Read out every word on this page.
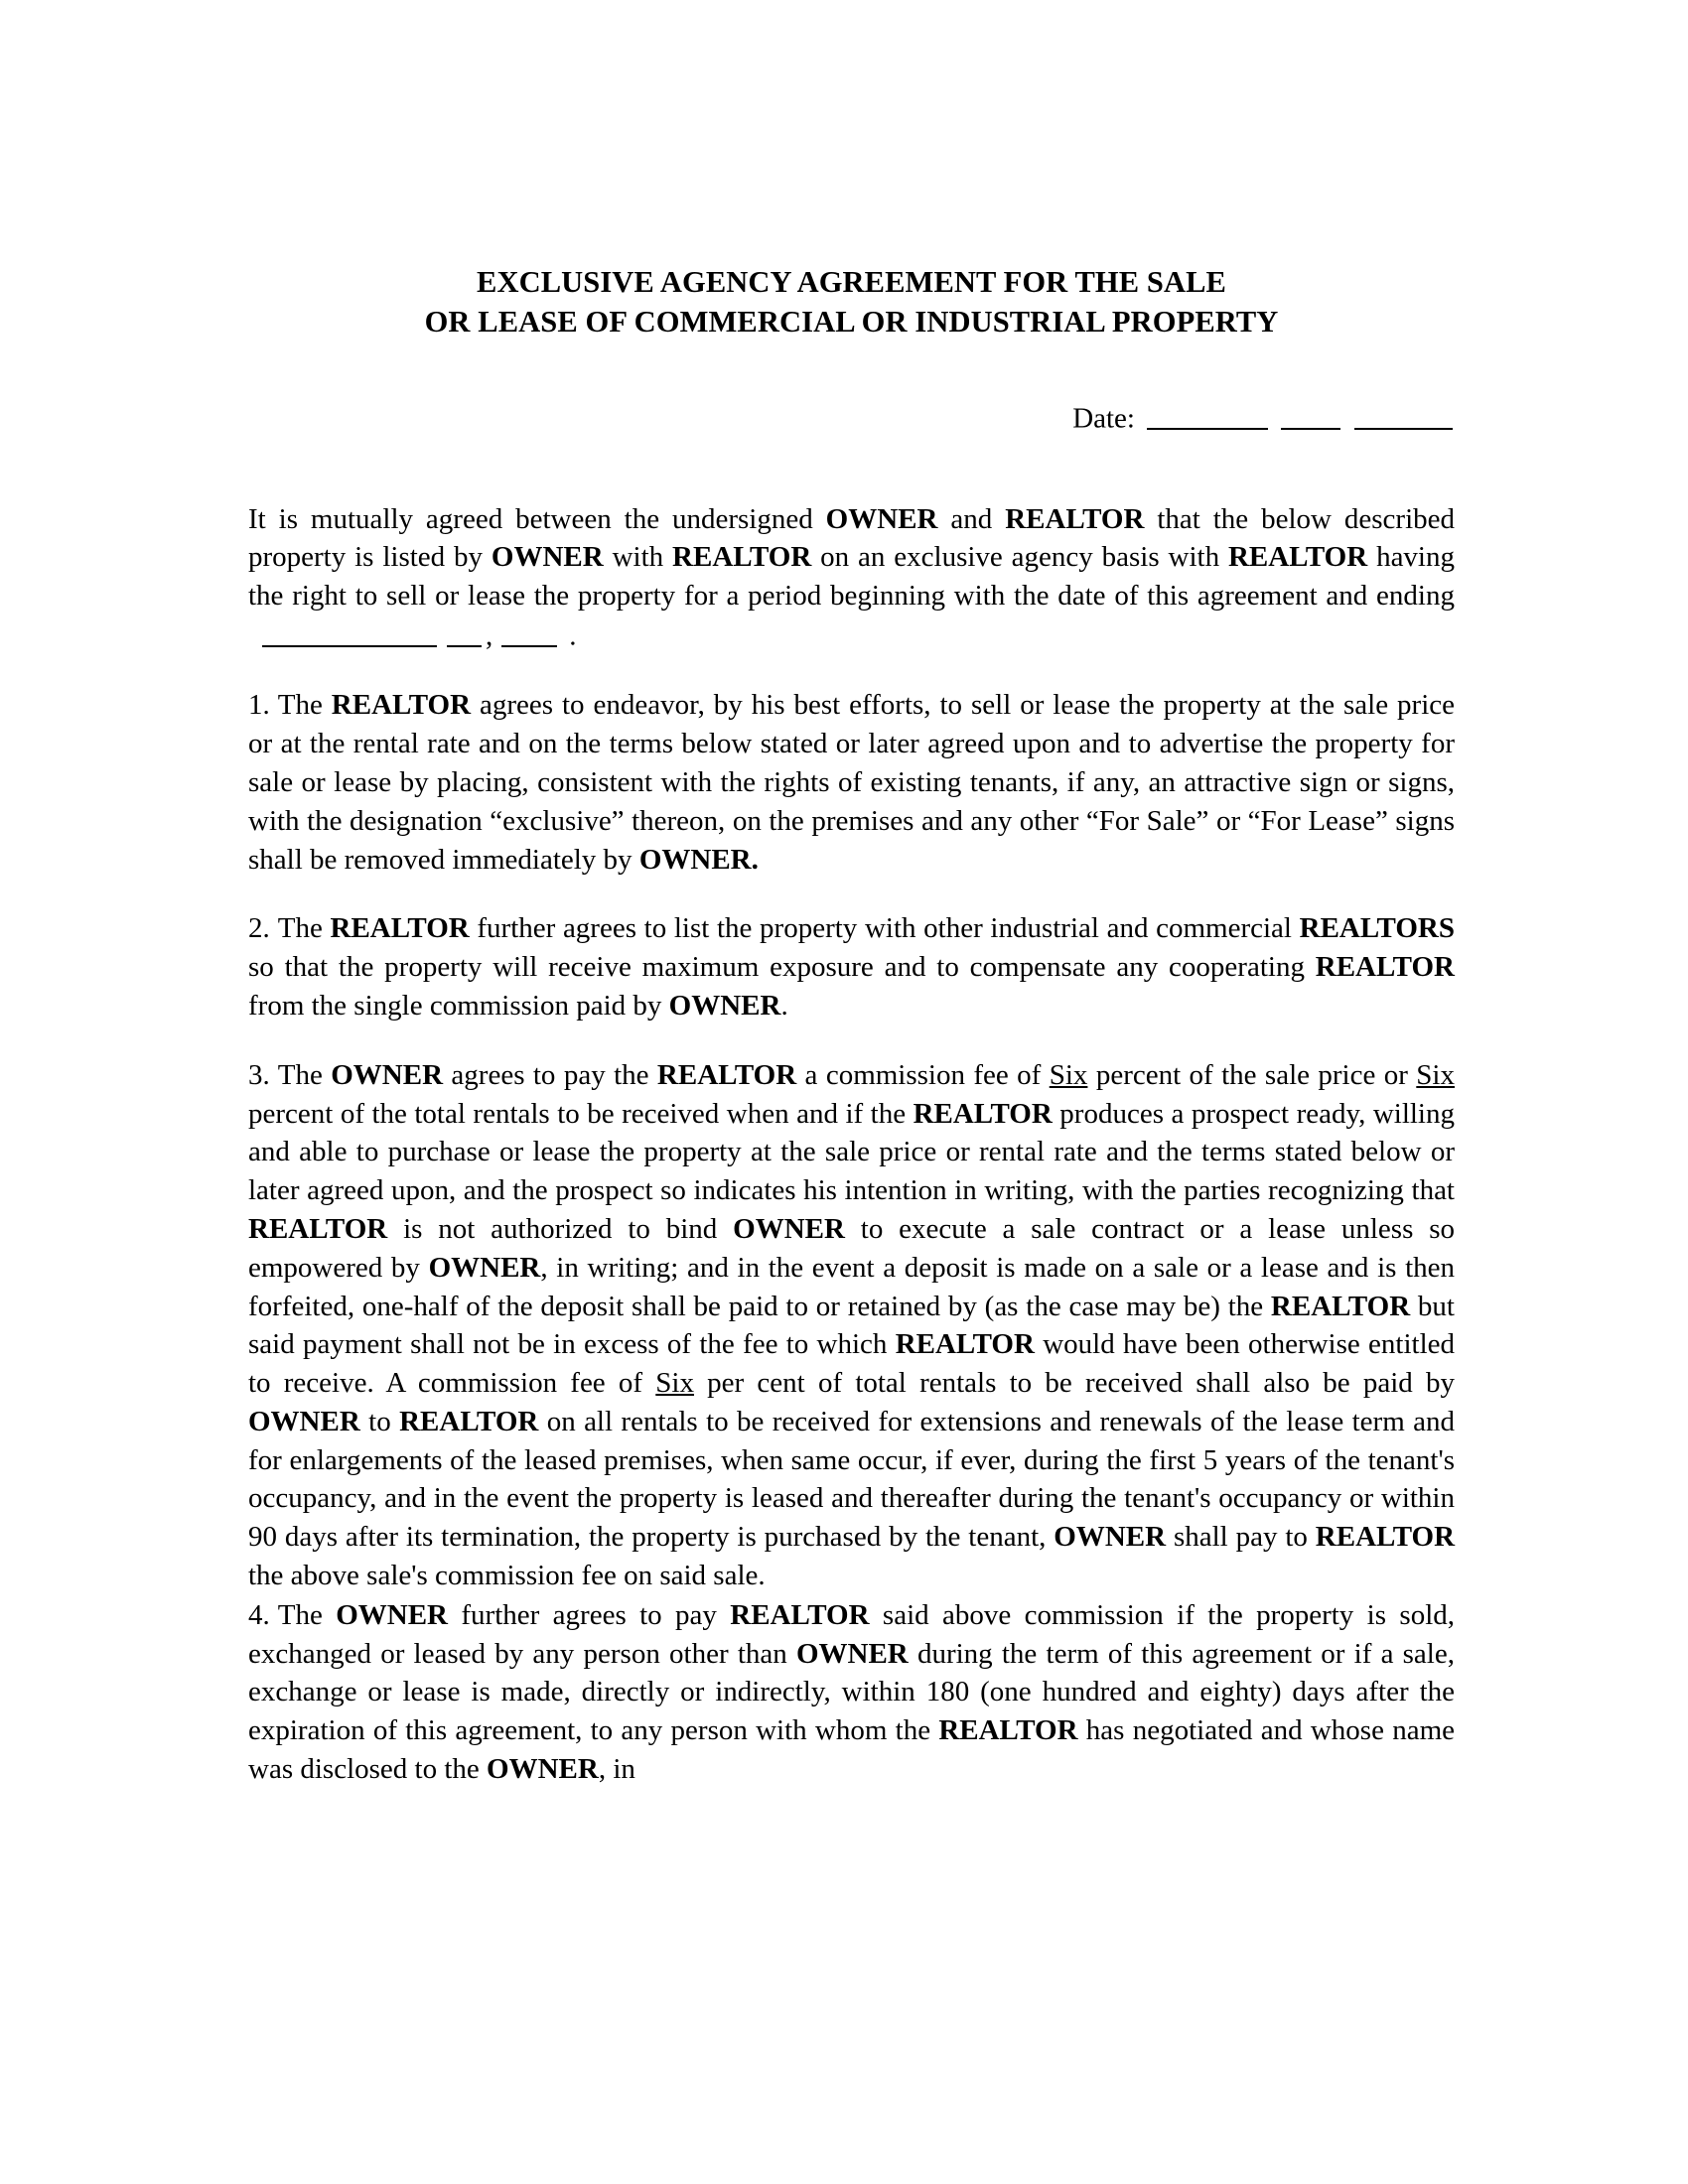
EXCLUSIVE AGENCY AGREEMENT FOR THE SALE
OR LEASE OF COMMERCIAL OR INDUSTRIAL PROPERTY
Date:

It is mutually agreed between the undersigned OWNER and REALTOR that the below described property is listed by OWNER with REALTOR on an exclusive agency basis with REALTOR having the right to sell or lease the property for a period beginning with the date of this agreement and ending ,	.

1. The REALTOR agrees to endeavor, by his best efforts, to sell or lease the property at the sale price or at the rental rate and on the terms below stated or later agreed upon and to advertise the property for sale or lease by placing, consistent with the rights of existing tenants, if any, an attractive sign or signs, with the designation “exclusive” thereon, on the premises and any other “For Sale” or “For Lease” signs shall be removed immediately by OWNER.

2. The REALTOR further agrees to list the property with other industrial and commercial REALTORS so that the property will receive maximum exposure and to compensate any cooperating REALTOR from the single commission paid by OWNER.

3. The OWNER agrees to pay the REALTOR a commission fee of Six percent of the sale price or Six percent of the total rentals to be received when and if the REALTOR produces a prospect ready, willing and able to purchase or lease the property at the sale price or rental rate and the terms stated below or later agreed upon, and the prospect so indicates his intention in writing, with the parties recognizing that REALTOR is not authorized to bind OWNER to execute a sale contract or a lease unless so empowered by OWNER, in writing; and in the event a deposit is made on a sale or a lease and is then forfeited, one-half of the deposit shall be paid to or retained by (as the case may be) the REALTOR but said payment shall not be in excess of the fee to which REALTOR would have been otherwise entitled to receive. A commission fee of Six per cent of total rentals to be received shall also be paid by OWNER to REALTOR on all rentals to be received for extensions and renewals of the lease term and for enlargements of the leased premises, when same occur, if ever, during the first 5 years of the tenant's occupancy, and in the event the property is leased and thereafter during the tenant's occupancy or within 90 days after its termination, the property is purchased by the tenant, OWNER shall pay to REALTOR the above sale's commission fee on said sale.

4. The OWNER further agrees to pay REALTOR said above commission if the property is sold, exchanged or leased by any person other than OWNER during the term of this agreement or if a sale, exchange or lease is made, directly or indirectly, within 180 (one hundred and eighty) days after the expiration of this agreement, to any person with whom the REALTOR has negotiated and whose name was disclosed to the OWNER, in
